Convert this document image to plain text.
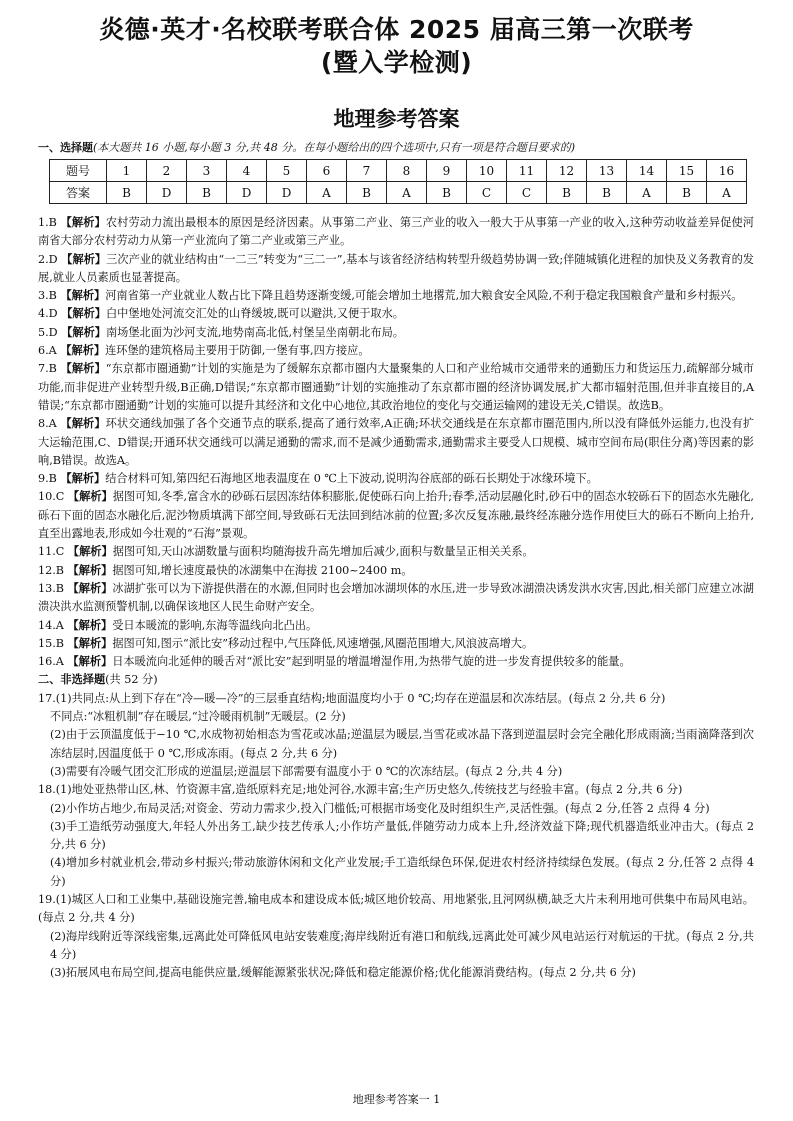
炎德·英才·名校联考联合体 2025 届高三第一次联考
(暨入学检测)
地理参考答案
一、选择题(本大题共 16 小题,每小题 3 分,共 48 分。在每小题给出的四个选项中,只有一项是符合题目要求的)
题号	1	2	3	4	5	6	7	8	9	10	11	12	13	14	15	16
答案	B	D	B	D	D	A	B	A	B	C	C	B	B	A	B	A
1.B 【解析】农村劳动力流出最根本的原因是经济因素。从事第二产业、第三产业的收入一般大于从事第一产业的收入,这种劳动收益差异促使河南省大部分农村劳动力从第一产业流向了第二产业或第三产业。
2.D 【解析】三次产业的就业结构由“一二三”转变为“三二一”,基本与该省经济结构转型升级趋势协调一致;伴随城镇化进程的加快及义务教育的发展,就业人员素质也显著提高。
3.B 【解析】河南省第一产业就业人数占比下降且趋势逐渐变缓,可能会增加土地撂荒,加大粮食安全风险,不利于稳定我国粮食产量和乡村振兴。
4.D 【解析】白中堡地处河流交汇处的山脊缓坡,既可以避洪,又便于取水。
5.D 【解析】南场堡北面为沙河支流,地势南高北低,村堡呈坐南朝北布局。
6.A 【解析】连环堡的建筑格局主要用于防御,一堡有事,四方接应。
7.B 【解析】“东京都市圈通勤”计划的实施是为了缓解东京都市圈内大量聚集的人口和产业给城市交通带来的通勤压力和货运压力,疏解部分城市功能,而非促进产业转型升级,B正确,D错误;“东京都市圈通勤”计划的实施推动了东京都市圈的经济协调发展,扩大都市辐射范围,但并非直接目的,A错误;“东京都市圈通勤”计划的实施可以提升其经济和文化中心地位,其政治地位的变化与交通运输网的建设无关,C错误。故选B。
8.A 【解析】环状交通线加强了各个交通节点的联系,提高了通行效率,A正确;环状交通线是在东京都市圈范围内,所以没有降低外运能力,也没有扩大运输范围,C、D错误;开通环状交通线可以满足通勤的需求,而不是减少通勤需求,通勤需求主要受人口规模、城市空间布局(职住分离)等因素的影响,B错误。故选A。
9.B 【解析】结合材料可知,第四纪石海地区地表温度在 0 ℃上下波动,说明沟谷底部的砾石长期处于冰缘环境下。
10.C 【解析】据图可知,冬季,富含水的砂砾石层因冻结体积膨胀,促使砾石向上抬升;春季,活动层融化时,砂石中的固态水较砾石下的固态水先融化,砾石下面的固态水融化后,泥沙物质填满下部空间,导致砾石无法回到结冰前的位置;多次反复冻融,最终经冻融分选作用使巨大的砾石不断向上抬升,直至出露地表,形成如今壮观的“石海”景观。
11.C 【解析】据图可知,天山冰湖数量与面积均随海拔升高先增加后减少,面积与数量呈正相关关系。
12.B 【解析】据图可知,增长速度最快的冰湖集中在海拔 2100~2400 m。
13.B 【解析】冰湖扩张可以为下游提供潜在的水源,但同时也会增加冰湖坝体的水压,进一步导致冰湖溃决诱发洪水灾害,因此,相关部门应建立冰湖溃决洪水监测预警机制,以确保该地区人民生命财产安全。
14.A 【解析】受日本暖流的影响,东海等温线向北凸出。
15.B 【解析】据图可知,图示“派比安”移动过程中,气压降低,风速增强,风圈范围增大,风浪波高增大。
16.A 【解析】日本暖流向北延伸的暖舌对“派比安”起到明显的增温增湿作用,为热带气旋的进一步发育提供较多的能量。
二、非选择题(共 52 分)
17.(1)共同点:从上到下存在“冷—暖—冷”的三层垂直结构;地面温度均小于 0 ℃;均存在逆温层和次冻结层。(每点 2 分,共 6 分)
不同点:“冰粗机制”存在暖层,“过冷暖雨机制”无暖层。(2 分)
(2)由于云顶温度低于−10 ℃,水成物初始相态为雪花或冰晶;逆温层为暖层,当雪花或冰晶下落到逆温层时会完全融化形成雨滴;当雨滴降落到次冻结层时,因温度低于 0 ℃,形成冻雨。(每点 2 分,共 6 分)
(3)需要有冷暖气团交汇形成的逆温层;逆温层下部需要有温度小于 0 ℃的次冻结层。(每点 2 分,共 4 分)
18.(1)地处亚热带山区,林、竹资源丰富,造纸原料充足;地处河谷,水源丰富;生产历史悠久,传统技艺与经验丰富。(每点 2 分,共 6 分)
(2)小作坊占地少,布局灵活;对资金、劳动力需求少,投入门槛低;可根据市场变化及时组织生产,灵活性强。(每点 2 分,任答 2 点得 4 分)
(3)手工造纸劳动强度大,年轻人外出务工,缺少技艺传承人;小作坊产量低,伴随劳动力成本上升,经济效益下降;现代机器造纸业冲击大。(每点 2 分,共 6 分)
(4)增加乡村就业机会,带动乡村振兴;带动旅游休闲和文化产业发展;手工造纸绿色环保,促进农村经济持续绿色发展。(每点 2 分,任答 2 点得 4 分)
19.(1)城区人口和工业集中,基础设施完善,输电成本和建设成本低;城区地价较高、用地紧张,且河网纵横,缺乏大片未利用地可供集中布局风电站。(每点 2 分,共 4 分)
(2)海岸线附近等深线密集,远离此处可降低风电站安装难度;海岸线附近有港口和航线,远离此处可减少风电站运行对航运的干扰。(每点 2 分,共 4 分)
(3)拓展风电布局空间,提高电能供应量,缓解能源紧张状况;降低和稳定能源价格;优化能源消费结构。(每点 2 分,共 6 分)
地理参考答案一 1
